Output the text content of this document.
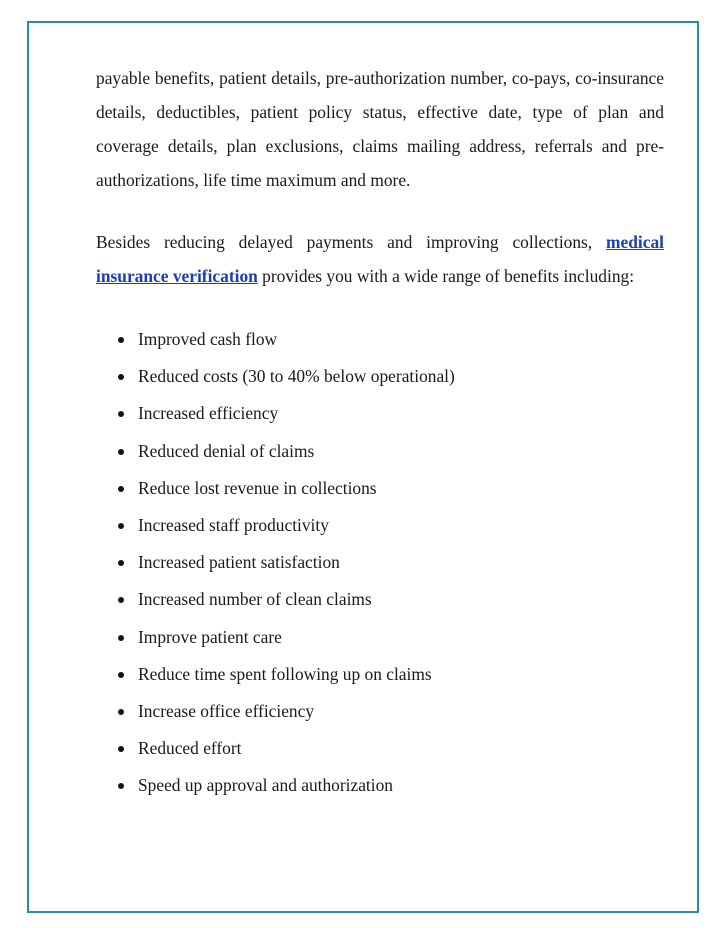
payable benefits, patient details, pre-authorization number, co-pays, co-insurance details, deductibles, patient policy status, effective date, type of plan and coverage details, plan exclusions, claims mailing address, referrals and pre-authorizations, life time maximum and more.

Besides reducing delayed payments and improving collections, medical insurance verification provides you with a wide range of benefits including:

Improved cash flow
Reduced costs (30 to 40% below operational)
Increased efficiency
Reduced denial of claims
Reduce lost revenue in collections
Increased staff productivity
Increased patient satisfaction
Increased number of clean claims
Improve patient care
Reduce time spent following up on claims
Increase office efficiency
Reduced effort
Speed up approval and authorization
